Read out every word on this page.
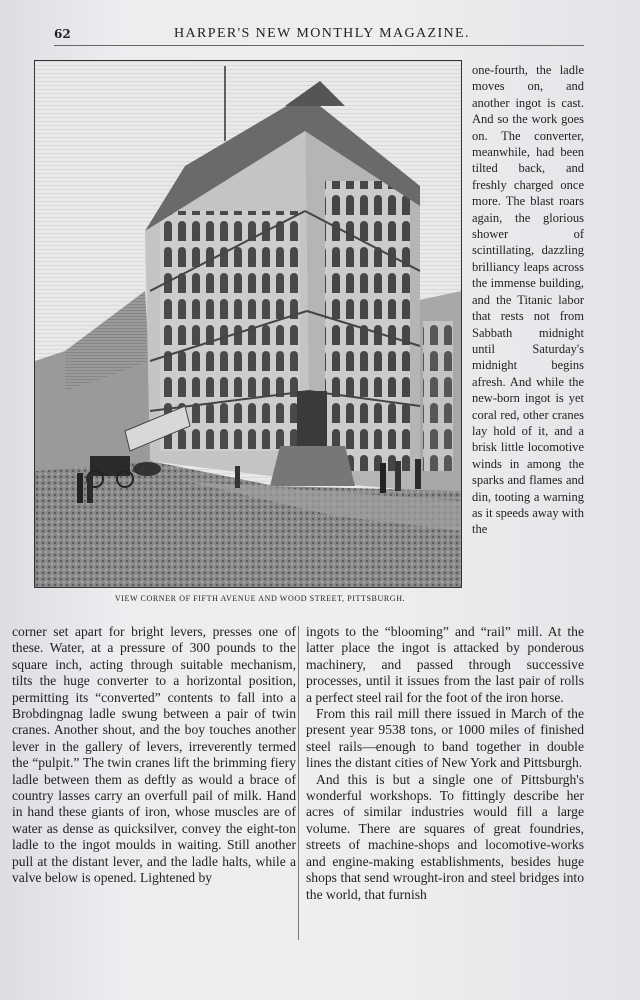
62	HARPER'S NEW MONTHLY MAGAZINE.
VIEW CORNER OF FIFTH AVENUE AND WOOD STREET, PITTSBURGH.
one-fourth, the ladle moves on, and another ingot is cast. And so the work goes on. The converter, meanwhile, had been tilted back, and freshly charged once more. The blast roars again, the glorious shower of scintillating, dazzling brilliancy leaps across the immense building, and the Titanic labor that rests not from Sabbath midnight until Saturday's midnight begins afresh. And while the new-born ingot is yet coral red, other cranes lay hold of it, and a brisk little locomotive winds in among the sparks and flames and din, tooting a warning as it speeds away with the
corner set apart for bright levers, presses one of these. Water, at a pressure of 300 pounds to the square inch, acting through suitable mechanism, tilts the huge converter to a horizontal position, permitting its “converted” contents to fall into a Brobdingnag ladle swung between a pair of twin cranes. Another shout, and the boy touches another lever in the gallery of levers, irreverently termed the “pulpit.” The twin cranes lift the brimming fiery ladle between them as deftly as would a brace of country lasses carry an overfull pail of milk. Hand in hand these giants of iron, whose muscles are of water as dense as quicksilver, convey the eight-ton ladle to the ingot moulds in waiting. Still another pull at the distant lever, and the ladle halts, while a valve below is opened. Lightened by

ingots to the “blooming” and “rail” mill. At the latter place the ingot is attacked by ponderous machinery, and passed through successive processes, until it issues from the last pair of rolls a perfect steel rail for the foot of the iron horse.

From this rail mill there issued in March of the present year 9538 tons, or 1000 miles of finished steel rails—enough to band together in double lines the distant cities of New York and Pittsburgh.

And this is but a single one of Pittsburgh's wonderful workshops. To fittingly describe her acres of similar industries would fill a large volume. There are squares of great foundries, streets of machine-shops and locomotive-works and engine-making establishments, besides huge shops that send wrought-iron and steel bridges into the world, that furnish
